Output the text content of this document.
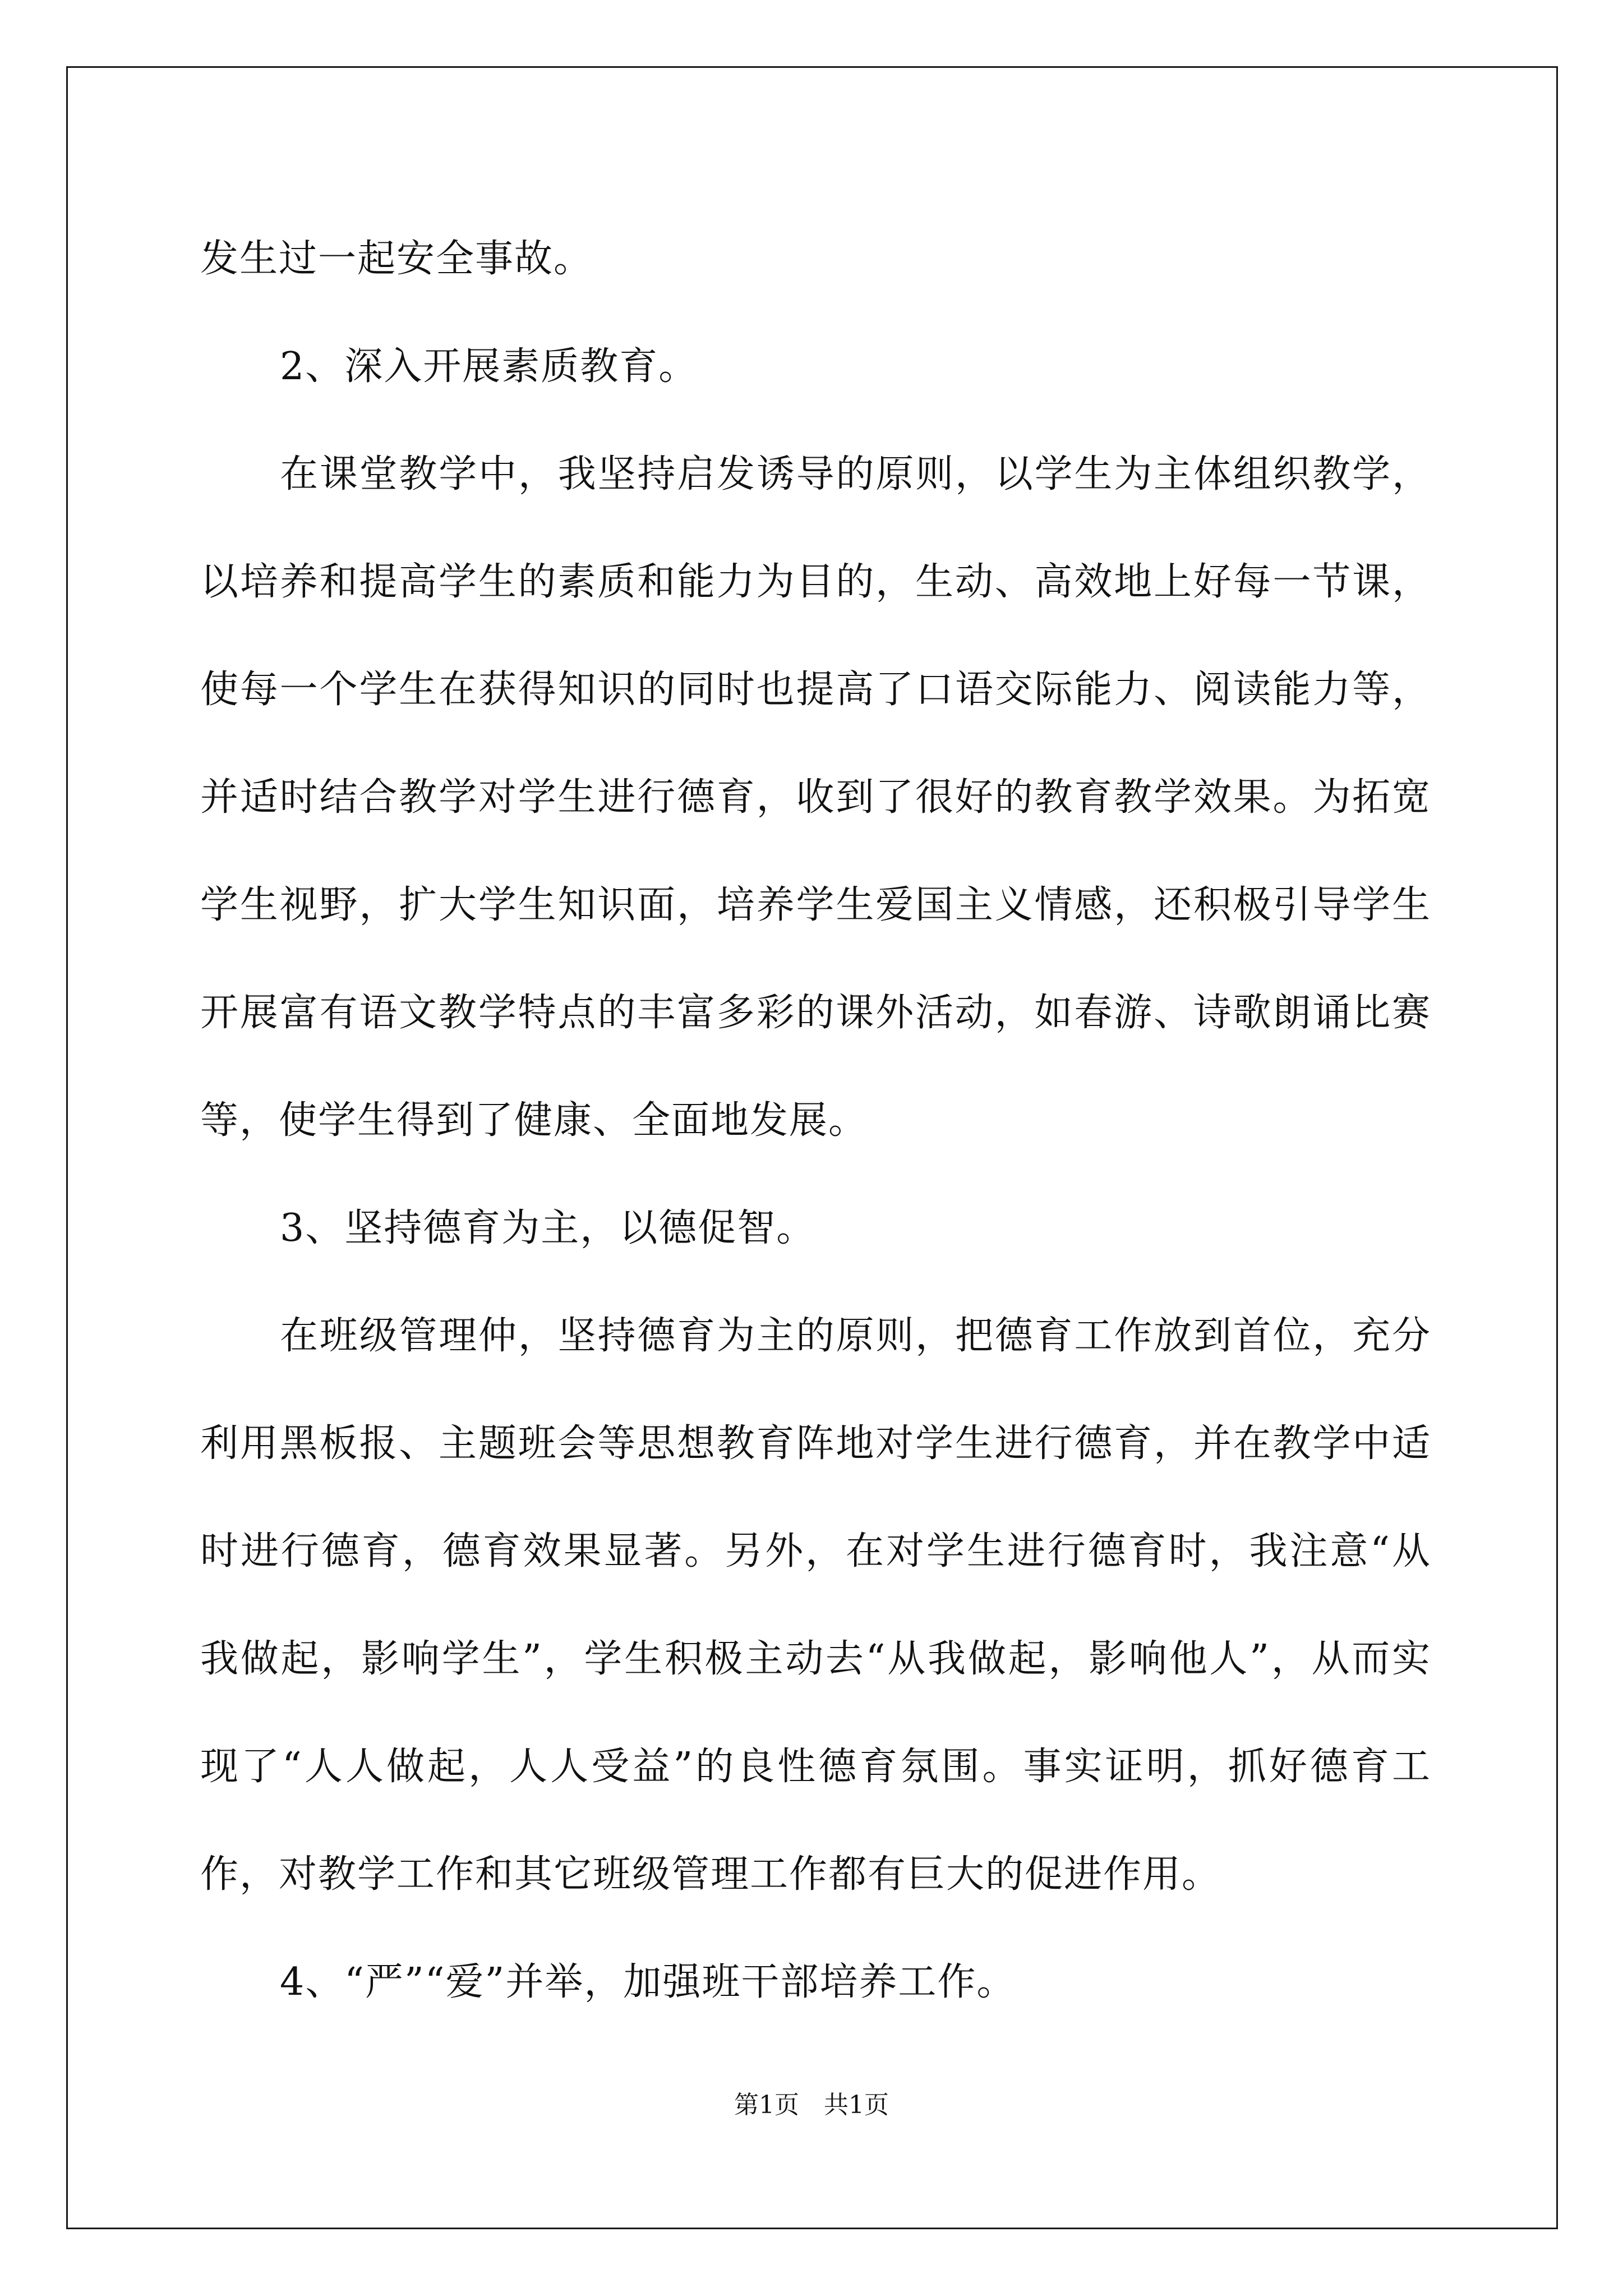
发生过一起安全事故。

2、深入开展素质教育。

在课堂教学中，我坚持启发诱导的原则，以学生为主体组织教学，以培养和提高学生的素质和能力为目的，生动、高效地上好每一节课，使每一个学生在获得知识的同时也提高了口语交际能力、阅读能力等，并适时结合教学对学生进行德育，收到了很好的教育教学效果。为拓宽学生视野，扩大学生知识面，培养学生爱国主义情感，还积极引导学生开展富有语文教学特点的丰富多彩的课外活动，如春游、诗歌朗诵比赛等，使学生得到了健康、全面地发展。

3、坚持德育为主，以德促智。

在班级管理仲，坚持德育为主的原则，把德育工作放到首位，充分利用黑板报、主题班会等思想教育阵地对学生进行德育，并在教学中适时进行德育，德育效果显著。另外，在对学生进行德育时，我注意“从我做起，影响学生”，学生积极主动去“从我做起，影响他人”，从而实现了“人人做起，人人受益”的良性德育氛围。事实证明，抓好德育工作，对教学工作和其它班级管理工作都有巨大的促进作用。

4、“严”“爱”并举，加强班干部培养工作。

第1页　共1页
